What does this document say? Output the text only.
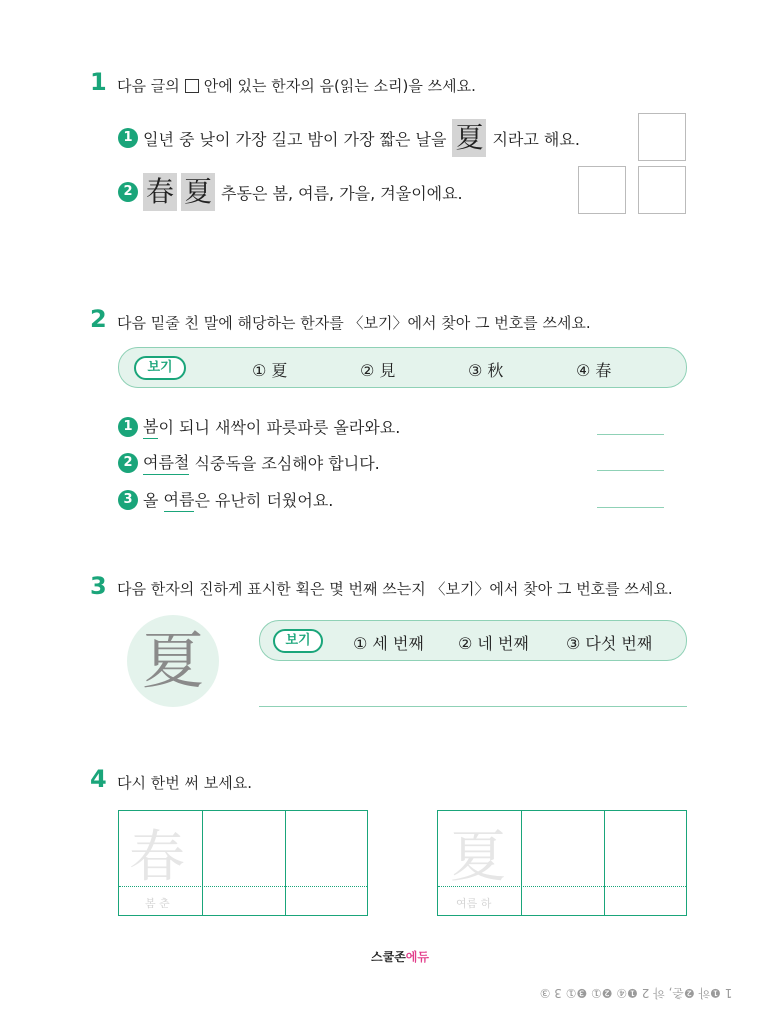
1 다음 글의 안에 있는 한자의 음(읽는 소리)을 쓰세요.
1 일년 중 낮이 가장 길고 밤이 가장 짧은 날을 夏 지라고 해요.
2 春 夏 추동은 봄, 여름, 가을, 겨울이에요.
2 다음 밑줄 친 말에 해당하는 한자를 〈보기〉에서 찾아 그 번호를 쓰세요.
보기	① 夏	② 見	③ 秋	④ 春
1 봄 이 되니 새싹이 파릇파릇 올라와요.
2 여름철 식중독을 조심해야 합니다.
3 올 여름 은 유난히 더웠어요.
3 다음 한자의 진하게 표시한 획은 몇 번째 쓰는지 〈보기〉에서 찾아 그 번호를 쓰세요.
夏	보기	① 세 번째 ② 네 번째 ③ 다섯 번째
4 다시 한번 써 보세요.
春
봄 춘
夏
여름 하
스쿨존에듀
1 ❶하 ❷춘, 하 2 ❶④ ❷① ❸① 3 ③
